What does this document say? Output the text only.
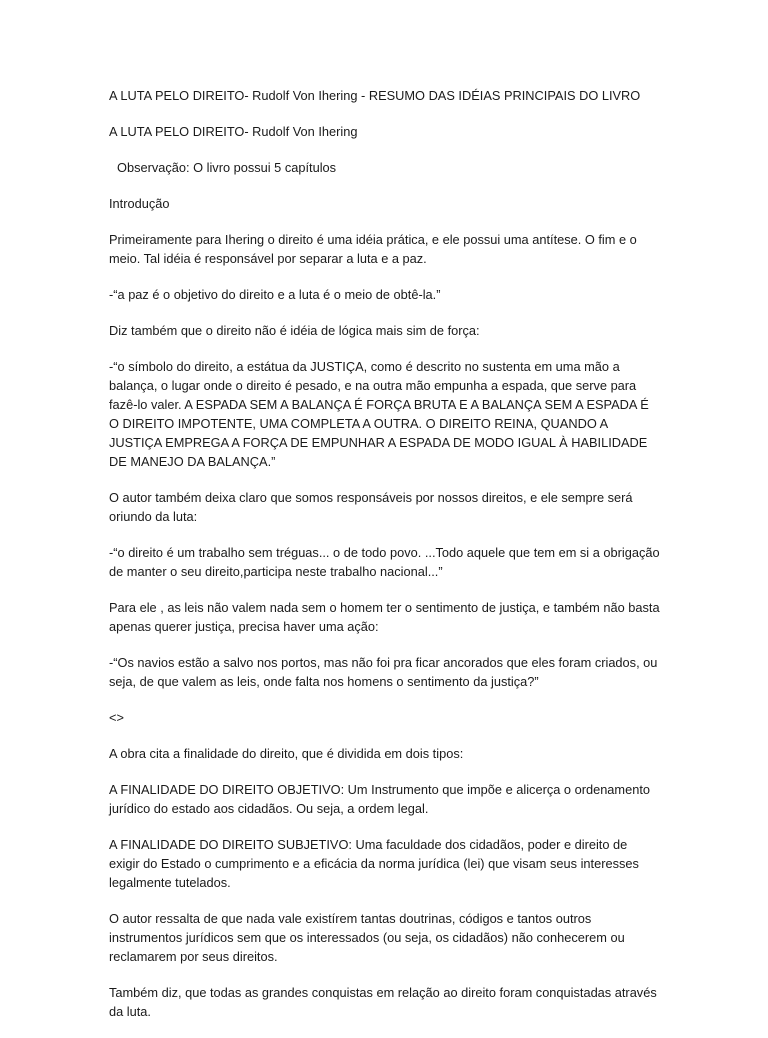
A LUTA PELO DIREITO- Rudolf Von Ihering - RESUMO DAS IDÉIAS PRINCIPAIS DO LIVRO

A LUTA PELO DIREITO- Rudolf Von Ihering

Observação: O livro possui 5 capítulos

Introdução

Primeiramente para Ihering o direito é uma idéia prática, e ele possui uma antítese. O fim e o meio. Tal idéia é responsável por separar a luta e a paz.

-“a paz é o objetivo do direito e a luta é o meio de obtê-la.”

Diz também que o direito não é idéia de lógica mais sim de força:

-“o símbolo do direito, a estátua da JUSTIÇA, como é descrito no sustenta em uma mão a balança, o lugar onde o direito é pesado, e na outra mão empunha a espada, que serve para fazê-lo valer. A ESPADA SEM A BALANÇA É FORÇA BRUTA E A BALANÇA SEM A ESPADA É O DIREITO IMPOTENTE, UMA COMPLETA A OUTRA. O DIREITO REINA, QUANDO A JUSTIÇA EMPREGA A FORÇA DE EMPUNHAR A ESPADA DE MODO IGUAL À HABILIDADE DE MANEJO DA BALANÇA.”

O autor também deixa claro que somos responsáveis por nossos direitos, e ele sempre será oriundo da luta:

-“o direito é um trabalho sem tréguas... o de todo povo. ...Todo aquele que tem em si a obrigação de manter o seu direito,participa neste trabalho nacional...”

Para ele , as leis não valem nada sem o homem ter o sentimento de justiça, e também não basta apenas querer justiça, precisa haver uma ação:

-“Os navios estão a salvo nos portos, mas não foi pra ficar ancorados que eles foram criados, ou seja, de que valem as leis, onde falta nos homens o sentimento da justiça?”

<>

A obra cita a finalidade do direito, que é dividida em dois tipos:

A FINALIDADE DO DIREITO OBJETIVO: Um Instrumento que impõe e alicerça o ordenamento jurídico do estado aos cidadãos. Ou seja, a ordem legal.

A FINALIDADE DO DIREITO SUBJETIVO: Uma faculdade dos cidadãos, poder e direito de exigir do Estado o cumprimento e a eficácia da norma jurídica (lei) que visam seus interesses legalmente tutelados.

O autor ressalta de que nada vale existírem tantas doutrinas, códigos e tantos outros instrumentos jurídicos sem que os interessados (ou seja, os cidadãos) não conhecerem ou reclamarem por seus direitos.

Também diz, que todas as grandes conquistas em relação ao direito foram conquistadas através da luta.
